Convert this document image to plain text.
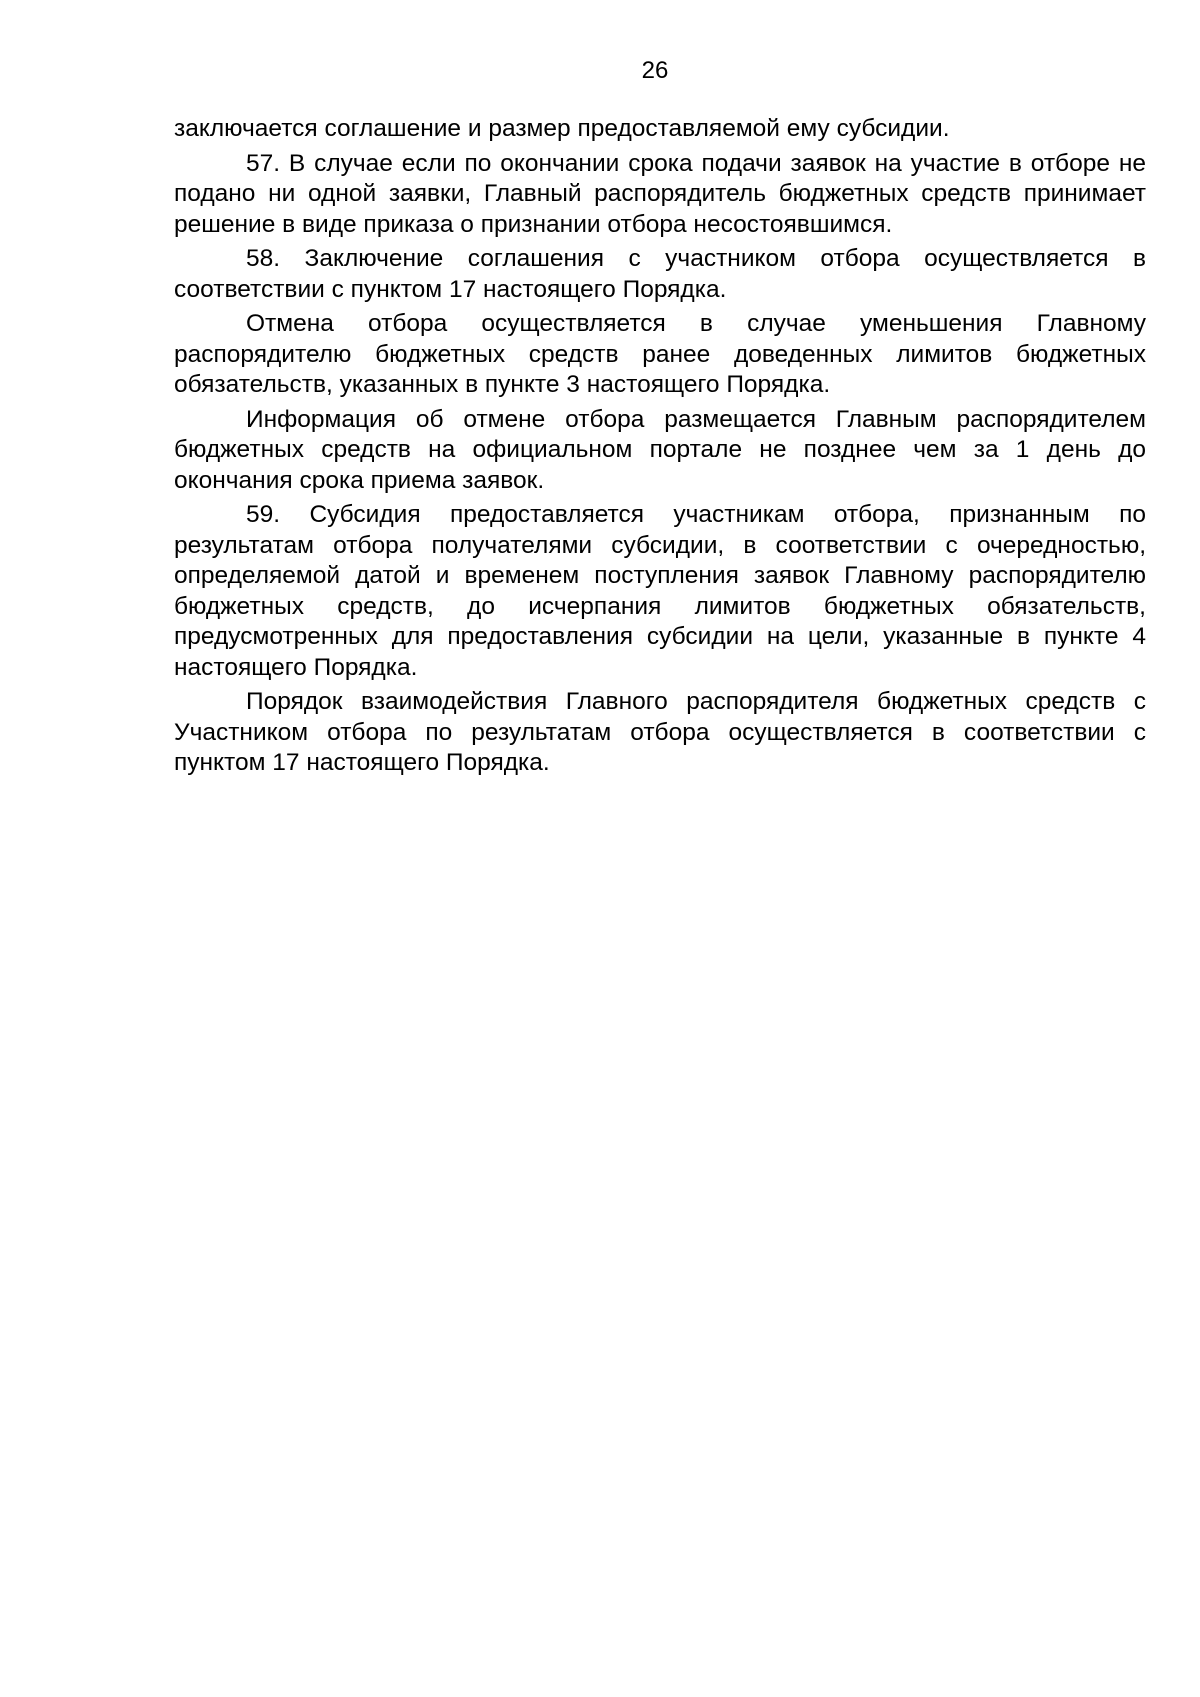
26

заключается соглашение и размер предоставляемой ему субсидии.

57. В случае если по окончании срока подачи заявок на участие в отборе не подано ни одной заявки, Главный распорядитель бюджетных средств принимает решение в виде приказа о признании отбора несостоявшимся.

58. Заключение соглашения с участником отбора осуществляется в соответствии с пунктом 17 настоящего Порядка.

Отмена отбора осуществляется в случае уменьшения Главному распорядителю бюджетных средств ранее доведенных лимитов бюджетных обязательств, указанных в пункте 3 настоящего Порядка.

Информация об отмене отбора размещается Главным распорядителем бюджетных средств на официальном портале не позднее чем за 1 день до окончания срока приема заявок.

59. Субсидия предоставляется участникам отбора, признанным по результатам отбора получателями субсидии, в соответствии с очередностью, определяемой датой и временем поступления заявок Главному распорядителю бюджетных средств, до исчерпания лимитов бюджетных обязательств, предусмотренных для предоставления субсидии на цели, указанные в пункте 4 настоящего Порядка.

Порядок взаимодействия Главного распорядителя бюджетных средств с Участником отбора по результатам отбора осуществляется в соответствии с пунктом 17 настоящего Порядка.
